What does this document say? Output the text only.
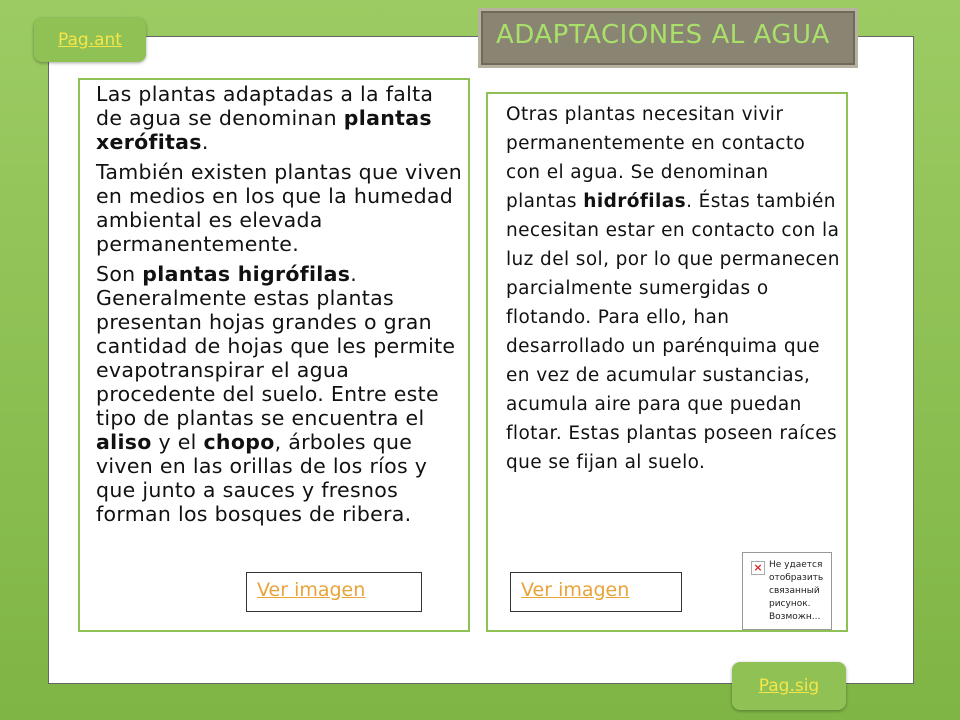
ADAPTACIONES AL AGUA
Pag.ant
Pag.sig

Las plantas adaptadas a la falta de agua se denominan plantas xerófitas.

También existen plantas que viven en medios en los que la humedad ambiental es elevada permanentemente.

Son plantas higrófilas. Generalmente estas plantas presentan hojas grandes o gran cantidad de hojas que les permite evapotranspirar el agua procedente del suelo. Entre este tipo de plantas se encuentra el aliso y el chopo, árboles que viven en las orillas de los ríos y que junto a sauces y fresnos forman los bosques de ribera.

Otras plantas necesitan vivir permanentemente en contacto con el agua. Se denominan plantas hidrófilas. Éstas también necesitan estar en contacto con la luz del sol, por lo que permanecen parcialmente sumergidas o flotando. Para ello, han desarrollado un parénquima que en vez de acumular sustancias, acumula aire para que puedan flotar. Estas plantas poseen raíces que se fijan al suelo.

Ver imagen	Ver imagen
× Не удается отобразить связанный рисунок. Возможн...
